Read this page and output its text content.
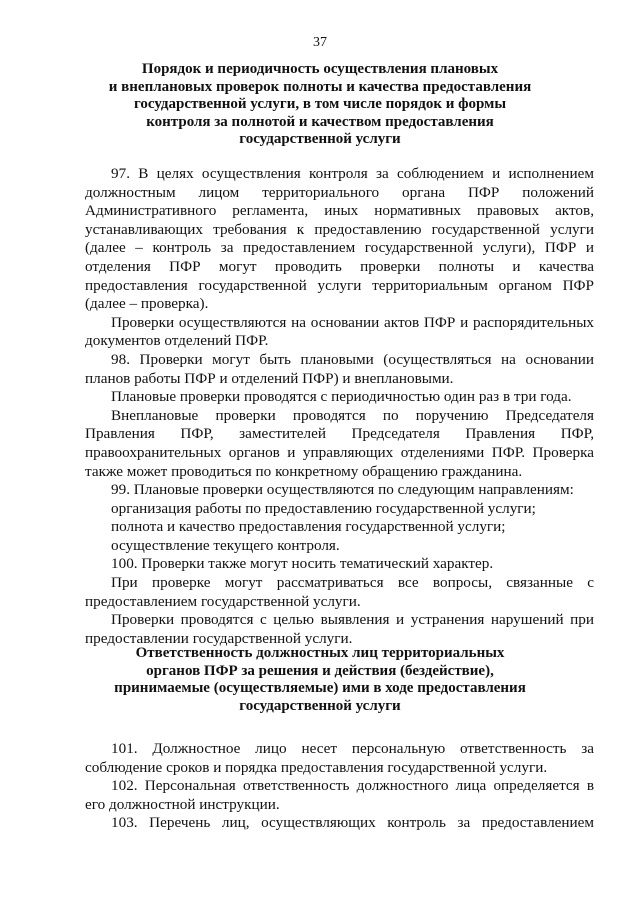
37
Порядок и периодичность осуществления плановых
и внеплановых проверок полноты и качества предоставления
государственной услуги, в том числе порядок и формы
контроля за полнотой и качеством предоставления
государственной услуги

97. В целях осуществления контроля за соблюдением и исполнением должностным лицом территориального органа ПФР положений Административного регламента, иных нормативных правовых актов, устанавливающих требования к предоставлению государственной услуги (далее – контроль за предоставлением государственной услуги), ПФР и отделения ПФР могут проводить проверки полноты и качества предоставления государственной услуги территориальным органом ПФР (далее – проверка).

Проверки осуществляются на основании актов ПФР и распорядительных документов отделений ПФР.

98. Проверки могут быть плановыми (осуществляться на основании планов работы ПФР и отделений ПФР) и внеплановыми.

Плановые проверки проводятся с периодичностью один раз в три года.

Внеплановые проверки проводятся по поручению Председателя Правления ПФР, заместителей Председателя Правления ПФР, правоохранительных органов и управляющих отделениями ПФР. Проверка также может проводиться по конкретному обращению гражданина.

99. Плановые проверки осуществляются по следующим направлениям:

организация работы по предоставлению государственной услуги;

полнота и качество предоставления государственной услуги;

осуществление текущего контроля.

100. Проверки также могут носить тематический характер.

При проверке могут рассматриваться все вопросы, связанные с предоставлением государственной услуги.

Проверки проводятся с целью выявления и устранения нарушений при предоставлении государственной услуги.

Ответственность должностных лиц территориальных
органов ПФР за решения и действия (бездействие),
принимаемые (осуществляемые) ими в ходе предоставления
государственной услуги

101. Должностное лицо несет персональную ответственность за соблюдение сроков и порядка предоставления государственной услуги.

102. Персональная ответственность должностного лица определяется в его должностной инструкции.

103. Перечень лиц, осуществляющих контроль за предоставлением
